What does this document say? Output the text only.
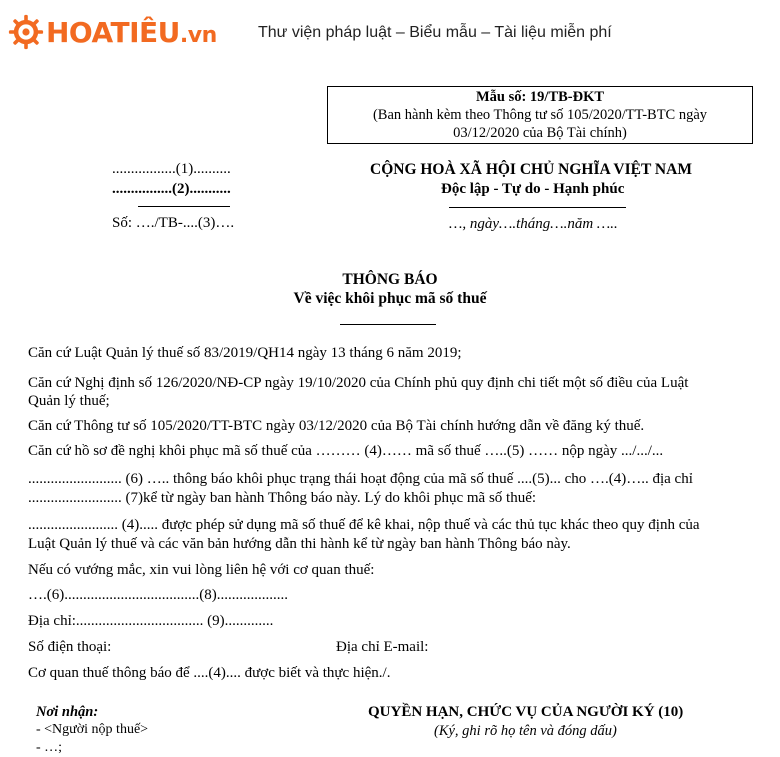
HOATIÊU.vn	Thư viện pháp luật – Biểu mẫu – Tài liệu miễn phí
Mẫu số: 19/TB-ĐKT
(Ban hành kèm theo Thông tư số 105/2020/TT-BTC ngày
03/12/2020 của Bộ Tài chính)
.................(1)..........
................(2)...........
Số: …./TB-....(3)….
CỘNG HOÀ XÃ HỘI CHỦ NGHĨA VIỆT NAM
Độc lập - Tự do - Hạnh phúc
…, ngày….tháng….năm …..
THÔNG BÁO
Về việc khôi phục mã số thuế
Căn cứ Luật Quản lý thuế số 83/2019/QH14 ngày 13 tháng 6 năm 2019;
Căn cứ Nghị định số 126/2020/NĐ-CP ngày 19/10/2020 của Chính phủ quy định chi tiết một số điều của Luật
Quản lý thuế;
Căn cứ Thông tư số 105/2020/TT-BTC ngày 03/12/2020 của Bộ Tài chính hướng dẫn về đăng ký thuế.
Căn cứ hồ sơ đề nghị khôi phục mã số thuế của ……… (4)…… mã số thuế …..(5) …… nộp ngày .../.../...
......................... (6) ….. thông báo khôi phục trạng thái hoạt động của mã số thuế ....(5)... cho ….(4)….. địa chỉ
......................... (7)kể từ ngày ban hành Thông báo này. Lý do khôi phục mã số thuế:
........................ (4)..... được phép sử dụng mã số thuế để kê khai, nộp thuế và các thủ tục khác theo quy định của
Luật Quản lý thuế và các văn bản hướng dẫn thi hành kể từ ngày ban hành Thông báo này.
Nếu có vướng mắc, xin vui lòng liên hệ với cơ quan thuế:
….(6)....................................(8)...................
Địa chỉ:.................................. (9).............
Số điện thoại:	Địa chỉ E-mail:
Cơ quan thuế thông báo để ....(4).... được biết và thực hiện./.
Nơi nhận:
- <Người nộp thuế>
- …;
QUYỀN HẠN, CHỨC VỤ CỦA NGƯỜI KÝ (10)
(Ký, ghi rõ họ tên và đóng dấu)
